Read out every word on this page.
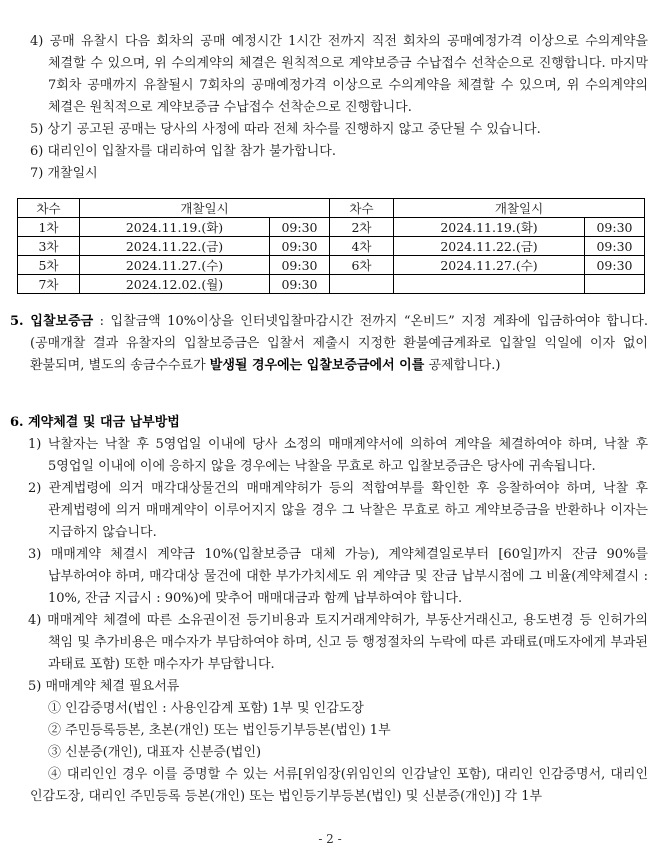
4) 공매 유찰시 다음 회차의 공매 예정시간 1시간 전까지 직전 회차의 공매예정가격 이상으로 수의계약을 체결할 수 있으며, 위 수의계약의 체결은 원칙적으로 계약보증금 수납접수 선착순으로 진행합니다. 마지막 7회차 공매까지 유찰될시 7회차의 공매예정가격 이상으로 수의계약을 체결할 수 있으며, 위 수의계약의 체결은 원칙적으로 계약보증금 수납접수 선착순으로 진행합니다.

5) 상기 공고된 공매는 당사의 사정에 따라 전체 차수를 진행하지 않고 중단될 수 있습니다.

6) 대리인이 입찰자를 대리하여 입찰 참가 불가합니다.

7) 개찰일시

차수	개찰일시		차수	개찰일시	
1차	2024.11.19.(화)	09:30	2차	2024.11.19.(화)	09:30
3차	2024.11.22.(금)	09:30	4차	2024.11.22.(금)	09:30
5차	2024.11.27.(수)	09:30	6차	2024.11.27.(수)	09:30
7차	2024.12.02.(월)	09:30			

5. 입찰보증금 : 입찰금액 10%이상을 인터넷입찰마감시간 전까지 “온비드” 지정 계좌에 입금하여야 합니다.(공매개찰 결과 유찰자의 입찰보증금은 입찰서 제출시 지정한 환불예금계좌로 입찰일 익일에 이자 없이 환불되며, 별도의 송금수수료가 발생될 경우에는 입찰보증금에서 이를 공제합니다.)

6. 계약체결 및 대금 납부방법

1) 낙찰자는 낙찰 후 5영업일 이내에 당사 소정의 매매계약서에 의하여 계약을 체결하여야 하며, 낙찰 후 5영업일 이내에 이에 응하지 않을 경우에는 낙찰을 무효로 하고 입찰보증금은 당사에 귀속됩니다.

2) 관계법령에 의거 매각대상물건의 매매계약허가 등의 적합여부를 확인한 후 응찰하여야 하며, 낙찰 후 관계법령에 의거 매매계약이 이루어지지 않을 경우 그 낙찰은 무효로 하고 계약보증금을 반환하나 이자는 지급하지 않습니다.

3) 매매계약 체결시 계약금 10%(입찰보증금 대체 가능), 계약체결일로부터 [60일]까지 잔금 90%를 납부하여야 하며, 매각대상 물건에 대한 부가가치세도 위 계약금 및 잔금 납부시점에 그 비율(계약체결시 : 10%, 잔금 지급시 : 90%)에 맞추어 매매대금과 함께 납부하여야 합니다.

4) 매매계약 체결에 따른 소유권이전 등기비용과 토지거래계약허가, 부동산거래신고, 용도변경 등 인허가의 책임 및 추가비용은 매수자가 부담하여야 하며, 신고 등 행정절차의 누락에 따른 과태료(매도자에게 부과된 과태료 포함) 또한 매수자가 부담합니다.

5) 매매계약 체결 필요서류

① 인감증명서(법인 : 사용인감계 포함) 1부 및 인감도장

② 주민등록등본, 초본(개인) 또는 법인등기부등본(법인) 1부

③ 신분증(개인), 대표자 신분증(법인)

④ 대리인인 경우 이를 증명할 수 있는 서류[위임장(위임인의 인감날인 포함), 대리인 인감증명서, 대리인 인감도장, 대리인 주민등록 등본(개인) 또는 법인등기부등본(법인) 및 신분증(개인)] 각 1부

- 2 -
